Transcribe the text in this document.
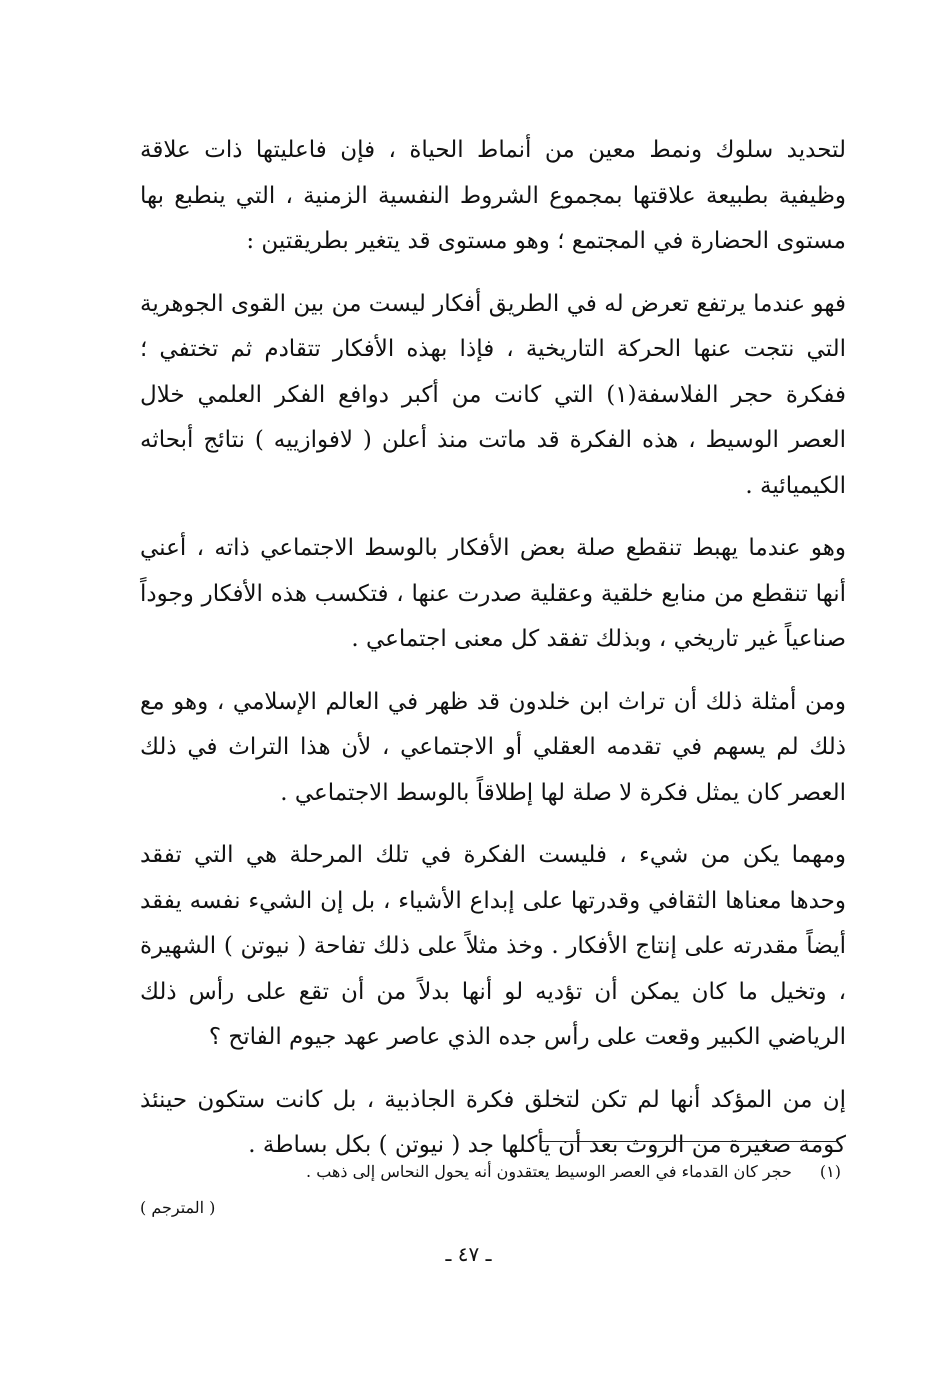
لتحديد سلوك ونمط معين من أنماط الحياة ، فإن فاعليتها ذات علاقة وظيفية بطبيعة علاقتها بمجموع الشروط النفسية الزمنية ، التي ينطبع بها مستوى الحضارة في المجتمع ؛ وهو مستوى قد يتغير بطريقتين :

فهو عندما يرتفع تعرض له في الطريق أفكار ليست من بين القوى الجوهرية التي نتجت عنها الحركة التاريخية ، فإذا بهذه الأفكار تتقادم ثم تختفي ؛ ففكرة حجر الفلاسفة(١) التي كانت من أكبر دوافع الفكر العلمي خلال العصر الوسيط ، هذه الفكرة قد ماتت منذ أعلن ( لافوازييه ) نتائج أبحاثه الكيميائية .

وهو عندما يهبط تنقطع صلة بعض الأفكار بالوسط الاجتماعي ذاته ، أعني أنها تنقطع من منابع خلقية وعقلية صدرت عنها ، فتكسب هذه الأفكار وجوداً صناعياً غير تاريخي ، وبذلك تفقد كل معنى اجتماعي .

ومن أمثلة ذلك أن تراث ابن خلدون قد ظهر في العالم الإسلامي ، وهو مع ذلك لم يسهم في تقدمه العقلي أو الاجتماعي ، لأن هذا التراث في ذلك العصر كان يمثل فكرة لا صلة لها إطلاقاً بالوسط الاجتماعي .

ومهما يكن من شيء ، فليست الفكرة في تلك المرحلة هي التي تفقد وحدها معناها الثقافي وقدرتها على إبداع الأشياء ، بل إن الشيء نفسه يفقد أيضاً مقدرته على إنتاج الأفكار . وخذ مثلاً على ذلك تفاحة ( نيوتن ) الشهيرة ، وتخيل ما كان يمكن أن تؤديه لو أنها بدلاً من أن تقع على رأس ذلك الرياضي الكبير وقعت على رأس جده الذي عاصر عهد جيوم الفاتح ؟

إن من المؤكد أنها لم تكن لتخلق فكرة الجاذبية ، بل كانت ستكون حينئذ كومة صغيرة من الروث بعد أن يأكلها جد ( نيوتن ) بكل بساطة .

(١)حجر كان القدماء في العصر الوسيط يعتقدون أنه يحول النحاس إلى ذهب .
( المترجم )
ـ ٤٧ ـ
